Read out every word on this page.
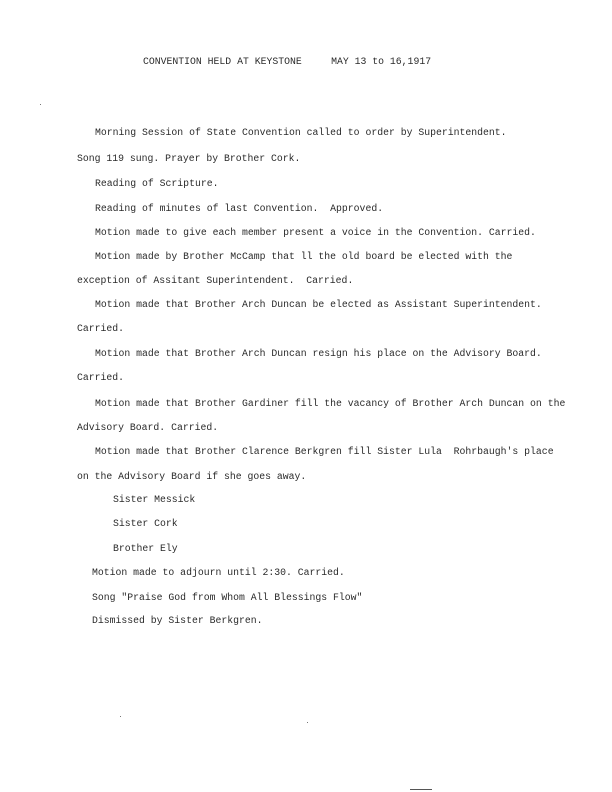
CONVENTION HELD AT KEYSTONE     MAY 13 to 16,1917
Morning Session of State Convention called to order by Superintendent.
Song 119 sung. Prayer by Brother Cork.
Reading of Scripture.
Reading of minutes of last Convention.  Approved.
Motion made to give each member present a voice in the Convention. Carried.
Motion made by Brother McCamp that ll the old board be elected with the
exception of Assitant Superintendent.  Carried.
Motion made that Brother Arch Duncan be elected as Assistant Superintendent.
Carried.
Motion made that Brother Arch Duncan resign his place on the Advisory Board.
Carried.
Motion made that Brother Gardiner fill the vacancy of Brother Arch Duncan on the
Advisory Board. Carried.
Motion made that Brother Clarence Berkgren fill Sister Lula  Rohrbaugh's place
on the Advisory Board if she goes away.
Sister Messick
Sister Cork
Brother Ely
Motion made to adjourn until 2:30. Carried.
Song "Praise God from Whom All Blessings Flow"
Dismissed by Sister Berkgren.
